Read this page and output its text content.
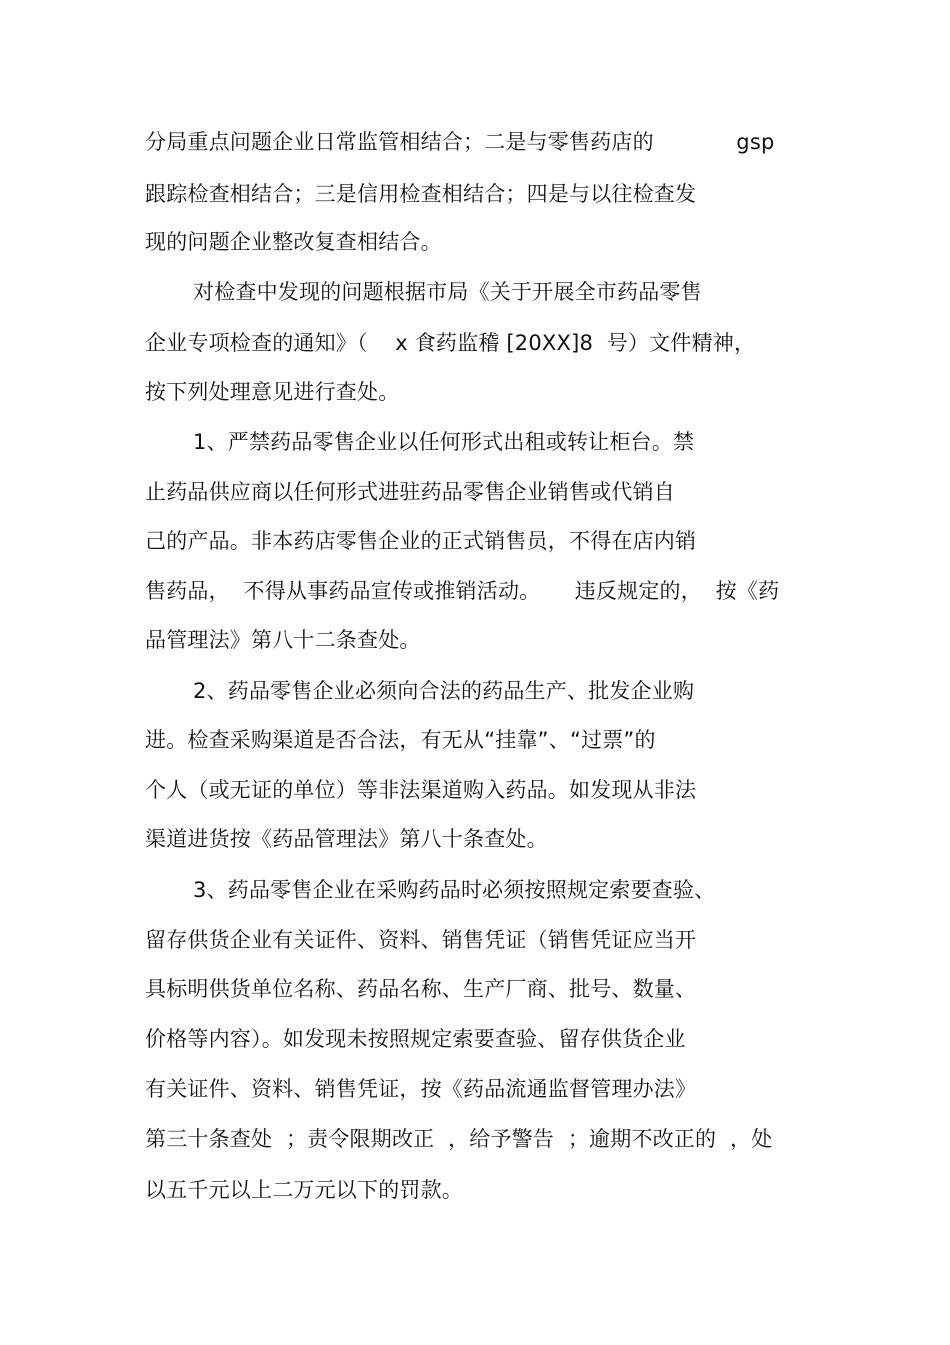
分局重点问题企业日常监管相结合；二是与零售药店的            gsp
跟踪检查相结合；三是信用检查相结合；四是与以往检查发
现的问题企业整改复查相结合。
对检查中发现的问题根据市局《关于开展全市药品零售
企业专项检查的通知》（    x 食药监稽 [20XX]8  号）文件精神，
按下列处理意见进行查处。
1、严禁药品零售企业以任何形式出租或转让柜台。禁
止药品供应商以任何形式进驻药品零售企业销售或代销自
己的产品。非本药店零售企业的正式销售员，不得在店内销
售药品，  不得从事药品宣传或推销活动。     违反规定的，  按《药
品管理法》第八十二条查处。
2、药品零售企业必须向合法的药品生产、批发企业购
进。检查采购渠道是否合法，有无从“挂靠”、“过票”的
个人（或无证的单位）等非法渠道购入药品。如发现从非法
渠道进货按《药品管理法》第八十条查处。
3、药品零售企业在采购药品时必须按照规定索要查验、
留存供货企业有关证件、资料、销售凭证（销售凭证应当开
具标明供货单位名称、药品名称、生产厂商、批号、数量、
价格等内容）。如发现未按照规定索要查验、留存供货企业
有关证件、资料、销售凭证，按《药品流通监督管理办法》
第三十条查处  ；责令限期改正  ，给予警告  ；逾期不改正的  ，处
以五千元以上二万元以下的罚款。
